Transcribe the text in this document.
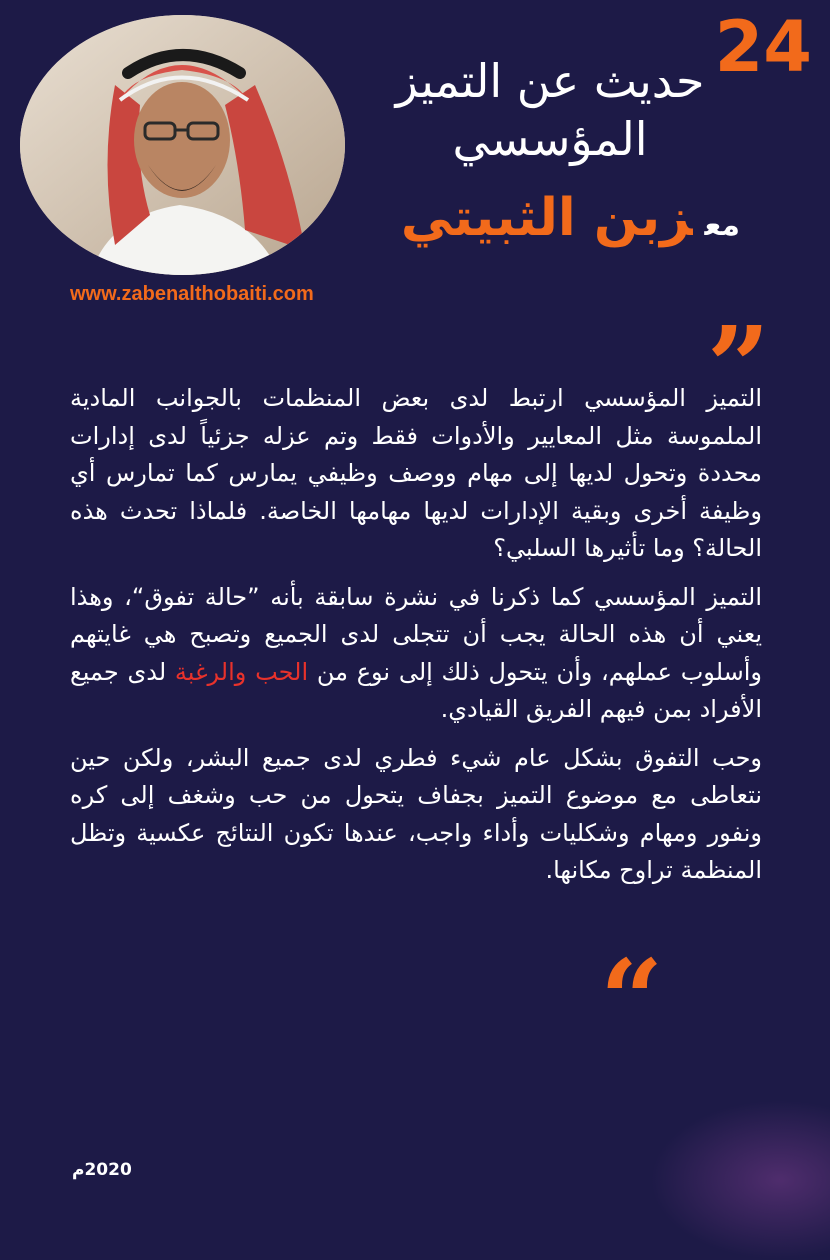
24
حديث عن التميز
المؤسسي
معزبن الثبيتي
www.zabenalthobaiti.com
”

التميز المؤسسي ارتبط لدى بعض المنظمات بالجوانب المادية الملموسة مثل المعايير والأدوات فقط وتم عزله جزئياً لدى إدارات محددة وتحول لديها إلى مهام ووصف وظيفي يمارس كما تمارس أي وظيفة أخرى وبقية الإدارات لديها مهامها الخاصة. فلماذا تحدث هذه الحالة؟ وما تأثيرها السلبي؟

التميز المؤسسي كما ذكرنا في نشرة سابقة بأنه ”حالة تفوق“، وهذا يعني أن هذه الحالة يجب أن تتجلى لدى الجميع وتصبح هي غايتهم وأسلوب عملهم، وأن يتحول ذلك إلى نوع من الحب والرغبة لدى جميع الأفراد بمن فيهم الفريق القيادي.

وحب التفوق بشكل عام شيء فطري لدى جميع البشر، ولكن حين نتعاطى مع موضوع التميز بجفاف يتحول من حب وشغف إلى كره ونفور ومهام وشكليات وأداء واجب، عندها تكون النتائج عكسية وتظل المنظمة تراوح مكانها.

“
2020م
